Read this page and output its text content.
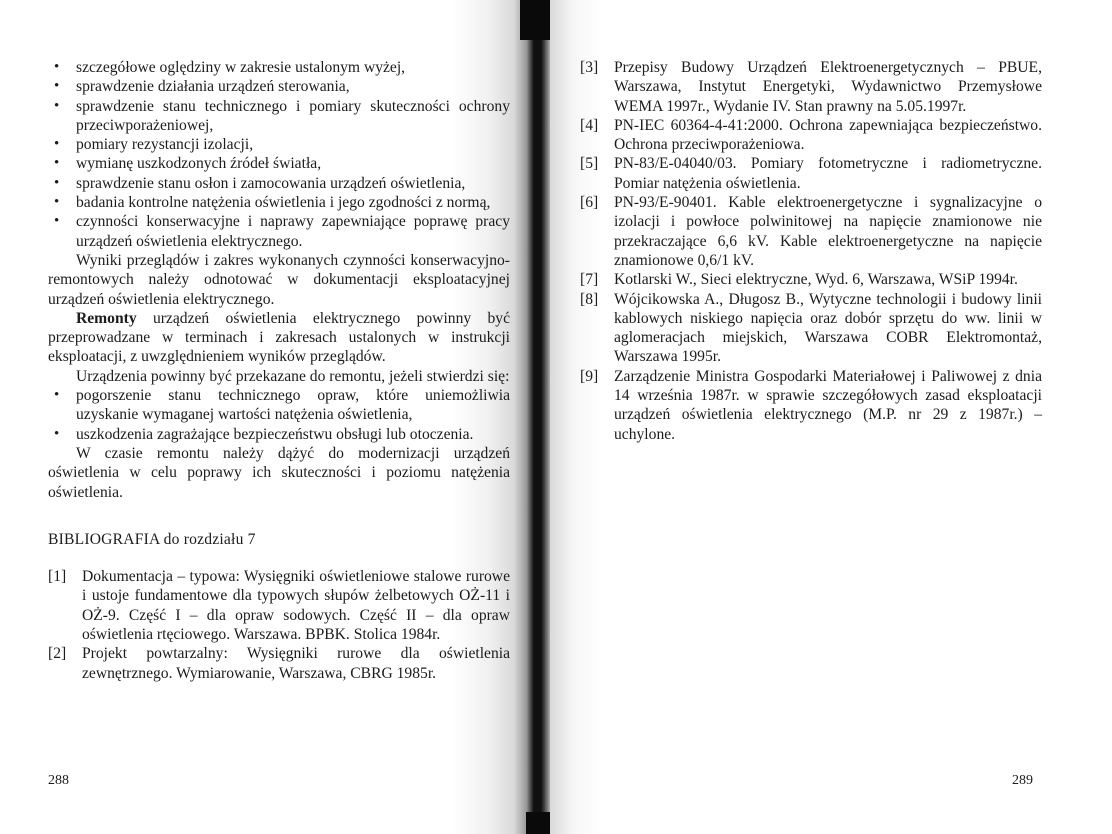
• szczegółowe oględziny w zakresie ustalonym wyżej,
• sprawdzenie działania urządzeń sterowania,
• sprawdzenie stanu technicznego i pomiary skuteczności ochrony przeciwporażeniowej,
• pomiary rezystancji izolacji,
• wymianę uszkodzonych źródeł światła,
• sprawdzenie stanu osłon i zamocowania urządzeń oświetlenia,
• badania kontrolne natężenia oświetlenia i jego zgodności z normą,
• czynności konserwacyjne i naprawy zapewniające poprawę pracy urządzeń oświetlenia elektrycznego.
Wyniki przeglądów i zakres wykonanych czynności konserwacyjno-remontowych należy odnotować w dokumentacji eksploatacyjnej urządzeń oświetlenia elektrycznego.
Remonty urządzeń oświetlenia elektrycznego powinny być przeprowadzane w terminach i zakresach ustalonych w instrukcji eksploatacji, z uwzględnieniem wyników przeglądów.
Urządzenia powinny być przekazane do remontu, jeżeli stwierdzi się:
• pogorszenie stanu technicznego opraw, które uniemożliwia uzyskanie wymaganej wartości natężenia oświetlenia,
• uszkodzenia zagrażające bezpieczeństwu obsługi lub otoczenia.
W czasie remontu należy dążyć do modernizacji urządzeń oświetlenia w celu poprawy ich skuteczności i poziomu natężenia oświetlenia.
BIBLIOGRAFIA do rozdziału 7
[1] Dokumentacja – typowa: Wysięgniki oświetleniowe stalowe rurowe i ustoje fundamentowe dla typowych słupów żelbetowych OŻ-11 i OŻ-9. Część I – dla opraw sodowych. Część II – dla opraw oświetlenia rtęciowego. Warszawa. BPBK. Stolica 1984r.
[2] Projekt powtarzalny: Wysięgniki rurowe dla oświetlenia zewnętrznego. Wymiarowanie, Warszawa, CBRG 1985r.
288
[3] Przepisy Budowy Urządzeń Elektroenergetycznych – PBUE, Warszawa, Instytut Energetyki, Wydawnictwo Przemysłowe WEMA 1997r., Wydanie IV. Stan prawny na 5.05.1997r.
[4] PN-IEC 60364-4-41:2000. Ochrona zapewniająca bezpieczeństwo. Ochrona przeciwporażeniowa.
[5] PN-83/E-04040/03. Pomiary fotometryczne i radiometryczne. Pomiar natężenia oświetlenia.
[6] PN-93/E-90401. Kable elektroenergetyczne i sygnalizacyjne o izolacji i powłoce polwinitowej na napięcie znamionowe nie przekraczające 6,6 kV. Kable elektroenergetyczne na napięcie znamionowe 0,6/1 kV.
[7] Kotlarski W., Sieci elektryczne, Wyd. 6, Warszawa, WSiP 1994r.
[8] Wójcikowska A., Długosz B., Wytyczne technologii i budowy linii kablowych niskiego napięcia oraz dobór sprzętu do ww. linii w aglomeracjach miejskich, Warszawa COBR Elektromontaż, Warszawa 1995r.
[9] Zarządzenie Ministra Gospodarki Materiałowej i Paliwowej z dnia 14 września 1987r. w sprawie szczegółowych zasad eksploatacji urządzeń oświetlenia elektrycznego (M.P. nr 29 z 1987r.) – uchylone.
289
